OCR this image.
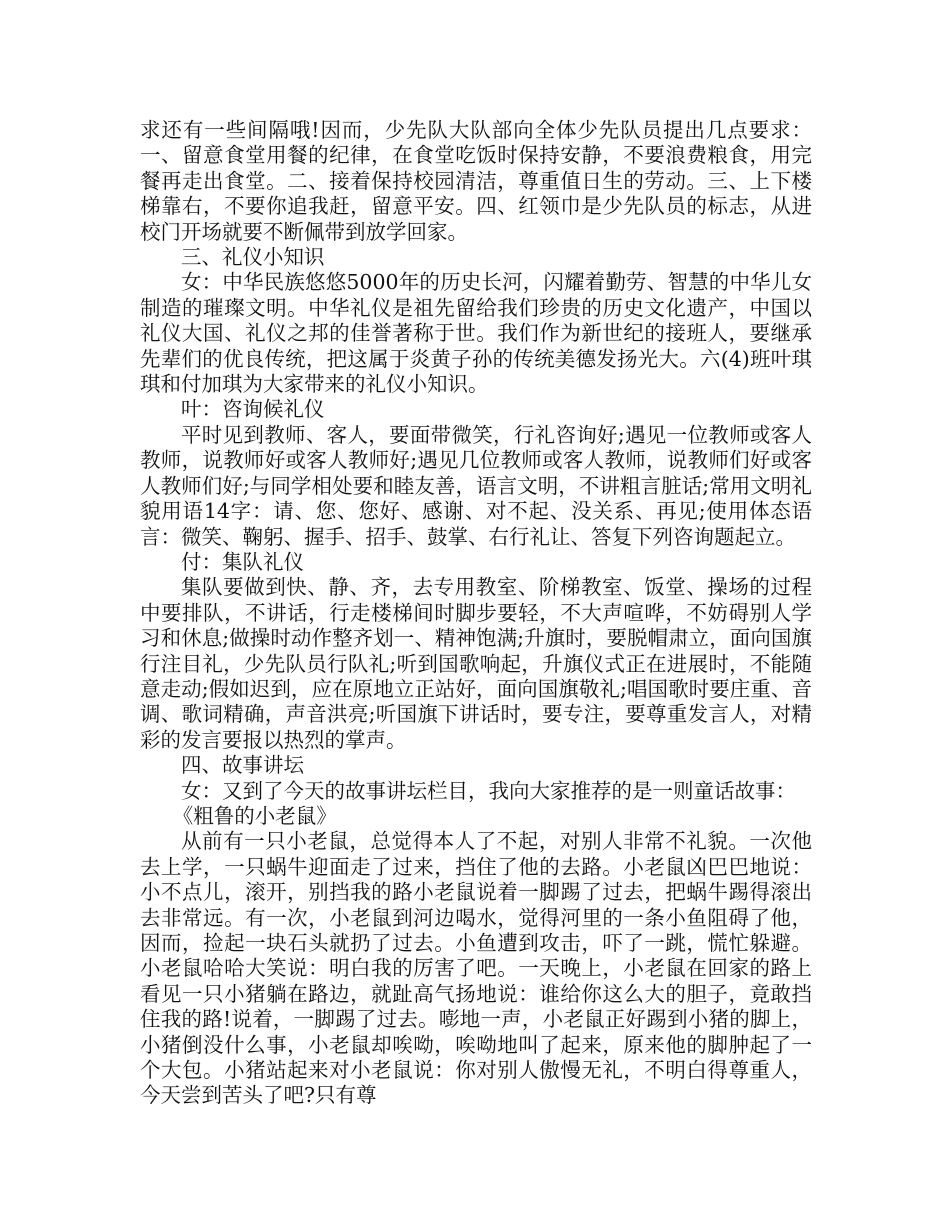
求还有一些间隔哦!因而，少先队大队部向全体少先队员提出几点要求：一、留意食堂用餐的纪律，在食堂吃饭时保持安静，不要浪费粮食，用完餐再走出食堂。二、接着保持校园清洁，尊重值日生的劳动。三、上下楼梯靠右，不要你追我赶，留意平安。四、红领巾是少先队员的标志，从进校门开场就要不断佩带到放学回家。

三、礼仪小知识

女：中华民族悠悠5000年的历史长河，闪耀着勤劳、智慧的中华儿女制造的璀璨文明。中华礼仪是祖先留给我们珍贵的历史文化遗产，中国以礼仪大国、礼仪之邦的佳誉著称于世。我们作为新世纪的接班人，要继承先辈们的优良传统，把这属于炎黄子孙的传统美德发扬光大。六(4)班叶琪琪和付加琪为大家带来的礼仪小知识。

叶：咨询候礼仪

平时见到教师、客人，要面带微笑，行礼咨询好;遇见一位教师或客人教师，说教师好或客人教师好;遇见几位教师或客人教师，说教师们好或客人教师们好;与同学相处要和睦友善，语言文明，不讲粗言脏话;常用文明礼貌用语14字：请、您、您好、感谢、对不起、没关系、再见;使用体态语言：微笑、鞠躬、握手、招手、鼓掌、右行礼让、答复下列咨询题起立。

付：集队礼仪

集队要做到快、静、齐，去专用教室、阶梯教室、饭堂、操场的过程中要排队，不讲话，行走楼梯间时脚步要轻，不大声喧哗，不妨碍别人学习和休息;做操时动作整齐划一、精神饱满;升旗时，要脱帽肃立，面向国旗行注目礼，少先队员行队礼;听到国歌响起，升旗仪式正在进展时，不能随意走动;假如迟到，应在原地立正站好，面向国旗敬礼;唱国歌时要庄重、音调、歌词精确，声音洪亮;听国旗下讲话时，要专注，要尊重发言人，对精彩的发言要报以热烈的掌声。

四、故事讲坛

女：又到了今天的故事讲坛栏目，我向大家推荐的是一则童话故事：

《粗鲁的小老鼠》

从前有一只小老鼠，总觉得本人了不起，对别人非常不礼貌。一次他去上学，一只蜗牛迎面走了过来，挡住了他的去路。小老鼠凶巴巴地说：小不点儿，滚开，别挡我的路小老鼠说着一脚踢了过去，把蜗牛踢得滚出去非常远。有一次，小老鼠到河边喝水，觉得河里的一条小鱼阻碍了他，因而，捡起一块石头就扔了过去。小鱼遭到攻击，吓了一跳，慌忙躲避。小老鼠哈哈大笑说：明白我的厉害了吧。一天晚上，小老鼠在回家的路上看见一只小猪躺在路边，就趾高气扬地说：谁给你这么大的胆子，竟敢挡住我的路!说着，一脚踢了过去。嘭地一声，小老鼠正好踢到小猪的脚上，小猪倒没什么事，小老鼠却唉呦，唉呦地叫了起来，原来他的脚肿起了一个大包。小猪站起来对小老鼠说：你对别人傲慢无礼，不明白得尊重人，今天尝到苦头了吧?只有尊
